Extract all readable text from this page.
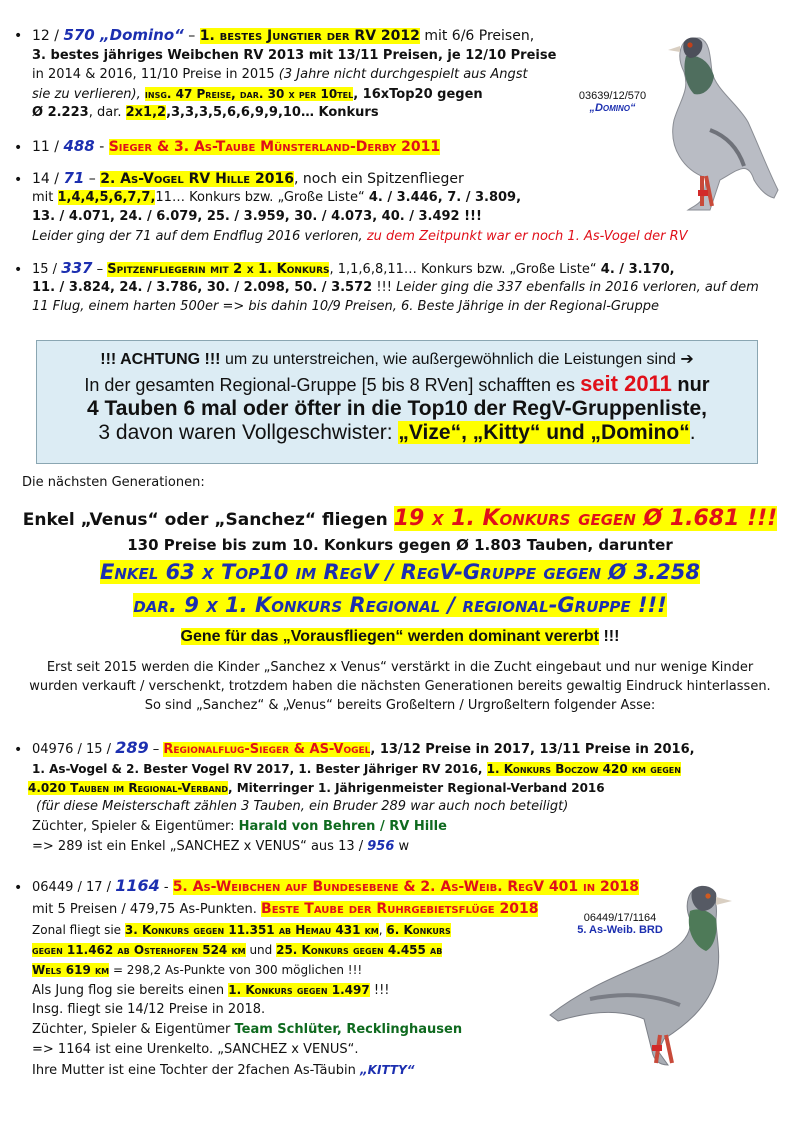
• 12 / 570 „Domino“ – 1. bestes Jungtier der RV 2012 mit 6/6 Preisen,
3. bestes jähriges Weibchen RV 2013 mit 13/11 Preisen, je 12/10 Preise
in 2014 & 2016, 11/10 Preise in 2015 (3 Jahre nicht durchgespielt aus Angst
sie zu verlieren), insg. 47 Preise, dar. 30 x per 10tel, 16xTop20 gegen
Ø 2.223, dar. 2x1,2,3,3,3,5,6,6,9,9,10… Konkurs
03639/12/570
„Domino“
• 11 / 488 - Sieger & 3. As-Taube Münsterland-Derby 2011
• 14 / 71 – 2. As-Vogel RV Hille 2016, noch ein Spitzenflieger
mit 1,4,4,5,6,7,7,11… Konkurs bzw. „Große Liste“ 4. / 3.446, 7. / 3.809,
13. / 4.071, 24. / 6.079, 25. / 3.959, 30. / 4.073, 40. / 3.492 !!!
Leider ging der 71 auf dem Endflug 2016 verloren, zu dem Zeitpunkt war er noch 1. As-Vogel der RV
• 15 / 337 – Spitzenfliegerin mit 2 x 1. Konkurs, 1,1,6,8,11… Konkurs bzw. „Große Liste“ 4. / 3.170,
11. / 3.824, 24. / 3.786, 30. / 2.098, 50. / 3.572 !!! Leider ging die 337 ebenfalls in 2016 verloren, auf dem
11 Flug, einem harten 500er => bis dahin 10/9 Preisen, 6. Beste Jährige in der Regional-Gruppe
!!! ACHTUNG !!! um zu unterstreichen, wie außergewöhnlich die Leistungen sind ➔
In der gesamten Regional-Gruppe [5 bis 8 RVen] schafften es seit 2011 nur
4 Tauben 6 mal oder öfter in die Top10 der RegV-Gruppenliste,
3 davon waren Vollgeschwister: „Vize“, „Kitty“ und „Domino“.
Die nächsten Generationen:
Enkel „Venus“ oder „Sanchez“ fliegen 19 x 1. Konkurs gegen Ø 1.681 !!!
130 Preise bis zum 10. Konkurs gegen Ø 1.803 Tauben, darunter
Enkel 63 x Top10 im RegV / RegV-Gruppe gegen Ø 3.258
dar. 9 x 1. Konkurs Regional / regional-Gruppe !!!
Gene für das „Vorausfliegen“ werden dominant vererbt !!!
Erst seit 2015 werden die Kinder „Sanchez x Venus“ verstärkt in die Zucht eingebaut und nur wenige Kinder
wurden verkauft / verschenkt, trotzdem haben die nächsten Generationen bereits gewaltig Eindruck hinterlassen.
So sind „Sanchez“ & „Venus“ bereits Großeltern / Urgroßeltern folgender Asse:
• 04976 / 15 / 289 – Regionalflug-Sieger & AS-Vogel, 13/12 Preise in 2017, 13/11 Preise in 2016,
1. As-Vogel & 2. Bester Vogel RV 2017, 1. Bester Jähriger RV 2016, 1. Konkurs Boczow 420 km gegen
4.020 Tauben im Regional-Verband, Miterringer 1. Jährigenmeister Regional-Verband 2016
(für diese Meisterschaft zählen 3 Tauben, ein Bruder 289 war auch noch beteiligt)
Züchter, Spieler & Eigentümer: Harald von Behren / RV Hille
=> 289 ist ein Enkel „SANCHEZ x VENUS“ aus 13 / 956 w
• 06449 / 17 / 1164 - 5. As-Weibchen auf Bundesebene & 2. As-Weib. RegV 401 in 2018
mit 5 Preisen / 479,75 As-Punkten. Beste Taube der Ruhrgebietsflüge 2018
Zonal fliegt sie 3. Konkurs gegen 11.351 ab Hemau 431 km, 6. Konkurs
gegen 11.462 ab Osterhofen 524 km und 25. Konkurs gegen 4.455 ab
Wels 619 km = 298,2 As-Punkte von 300 möglichen !!!
Als Jung flog sie bereits einen 1. Konkurs gegen 1.497 !!!
Insg. fliegt sie 14/12 Preise in 2018.
Züchter, Spieler & Eigentümer Team Schlüter, Recklinghausen
=> 1164 ist eine Urenkelto. „SANCHEZ x VENUS“.
Ihre Mutter ist eine Tochter der 2fachen As-Täubin „KITTY“
06449/17/1164
5. As-Weib. BRD
